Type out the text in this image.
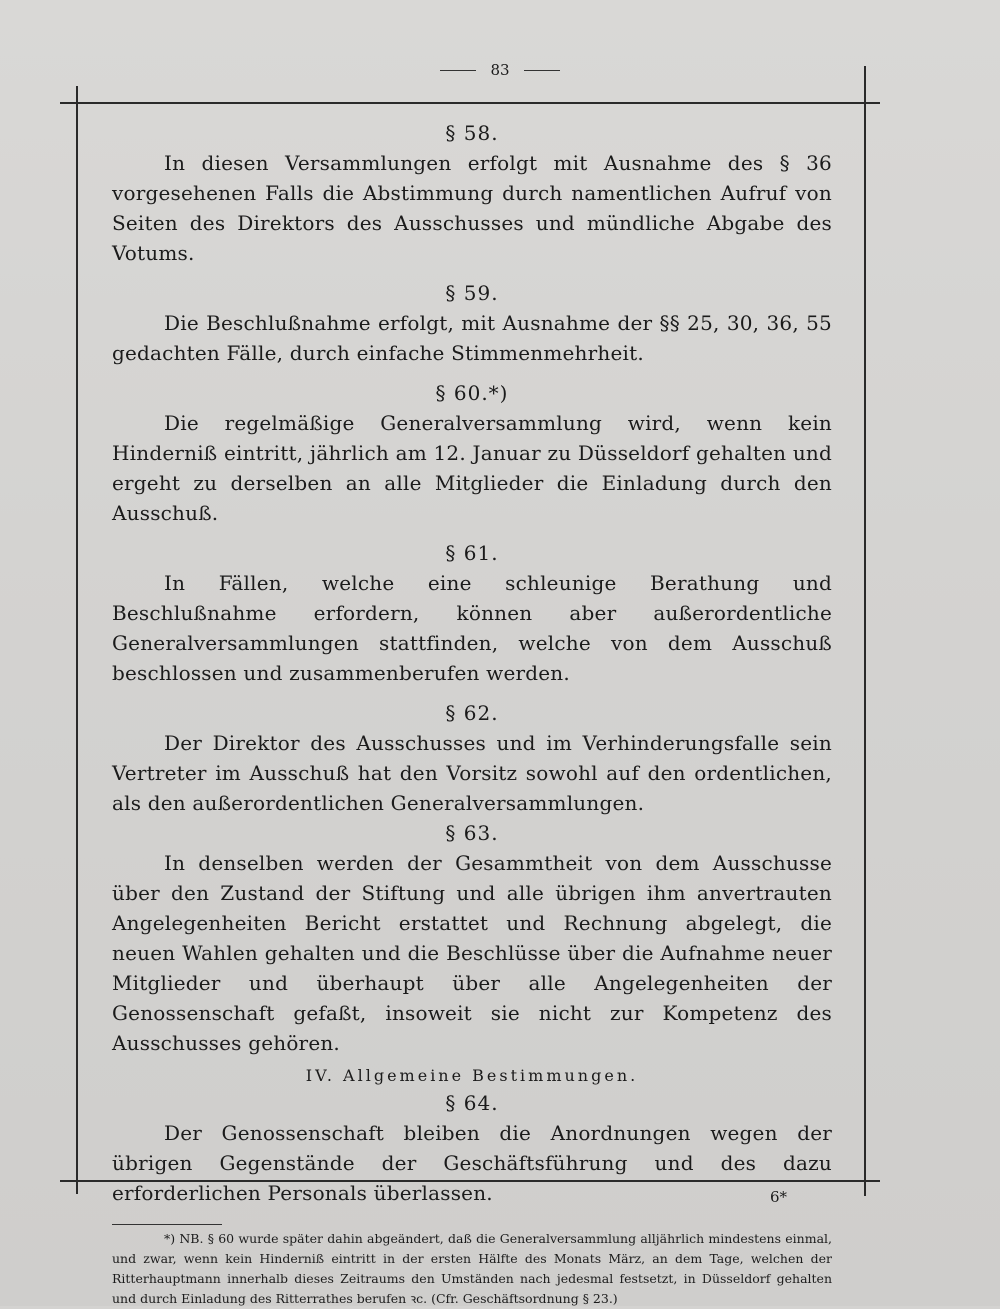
83
§ 58.

In diesen Versammlungen erfolgt mit Ausnahme des § 36 vorgesehenen Falls die Abstimmung durch namentlichen Aufruf von Seiten des Direktors des Ausschusses und mündliche Abgabe des Votums.

§ 59.

Die Beschlußnahme erfolgt, mit Ausnahme der §§ 25, 30, 36, 55 gedachten Fälle, durch einfache Stimmenmehrheit.

§ 60.*)

Die regelmäßige Generalversammlung wird, wenn kein Hinderniß eintritt, jährlich am 12. Januar zu Düsseldorf gehalten und ergeht zu derselben an alle Mitglieder die Einladung durch den Ausschuß.

§ 61.

In Fällen, welche eine schleunige Berathung und Beschlußnahme erfordern, können aber außerordentliche Generalversammlungen stattfinden, welche von dem Ausschuß beschlossen und zusammenberufen werden.

§ 62.

Der Direktor des Ausschusses und im Verhinderungsfalle sein Vertreter im Ausschuß hat den Vorsitz sowohl auf den ordentlichen, als den außerordentlichen Generalversammlungen.

§ 63.

In denselben werden der Gesammtheit von dem Ausschusse über den Zustand der Stiftung und alle übrigen ihm anvertrauten Angelegenheiten Bericht erstattet und Rechnung abgelegt, die neuen Wahlen gehalten und die Beschlüsse über die Aufnahme neuer Mitglieder und überhaupt über alle Angelegenheiten der Genossenschaft gefaßt, insoweit sie nicht zur Kompetenz des Ausschusses gehören.

IV. Allgemeine Bestimmungen.
§ 64.

Der Genossenschaft bleiben die Anordnungen wegen der übrigen Gegenstände der Geschäftsführung und des dazu erforderlichen Personals überlassen.

*) NB. § 60 wurde später dahin abgeändert, daß die Generalversammlung alljährlich mindestens einmal, und zwar, wenn kein Hinderniß eintritt in der ersten Hälfte des Monats März, an dem Tage, welchen der Ritterhauptmann innerhalb dieses Zeitraums den Umständen nach jedesmal festsetzt, in Düsseldorf gehalten und durch Einladung des Ritterrathes berufen ꝛc. (Cfr. Geschäftsordnung § 23.)

6*
